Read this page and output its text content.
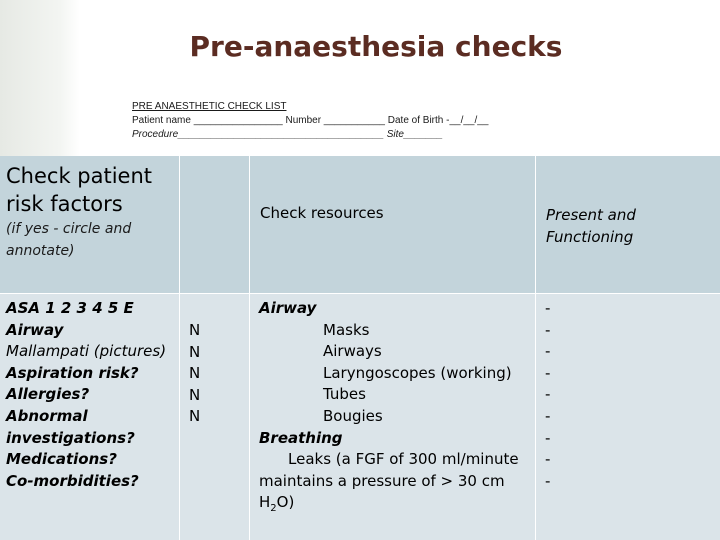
Pre-anaesthesia checks
PRE ANAESTHETIC CHECK LIST
Patient name ________________ Number ___________ Date of Birth -__/__/__
Procedure_____________________________________ Site_______
Check patient risk factors
(if yes - circle and annotate)
Check resources	Present and Functioning
ASA 1 2 3 4 5 E
Airway
Mallampati (pictures)
Aspiration risk?
Allergies?
Abnormal investigations?
Medications?
Co-morbidities?
N
N
N
N
N
Airway
Masks
Airways
Laryngoscopes (working)
Tubes
Bougies
Breathing
Leaks (a FGF of 300 ml/minute
maintains a pressure of > 30 cm
$H_2O$)
-
-
-
-
-
-
-
-
-
